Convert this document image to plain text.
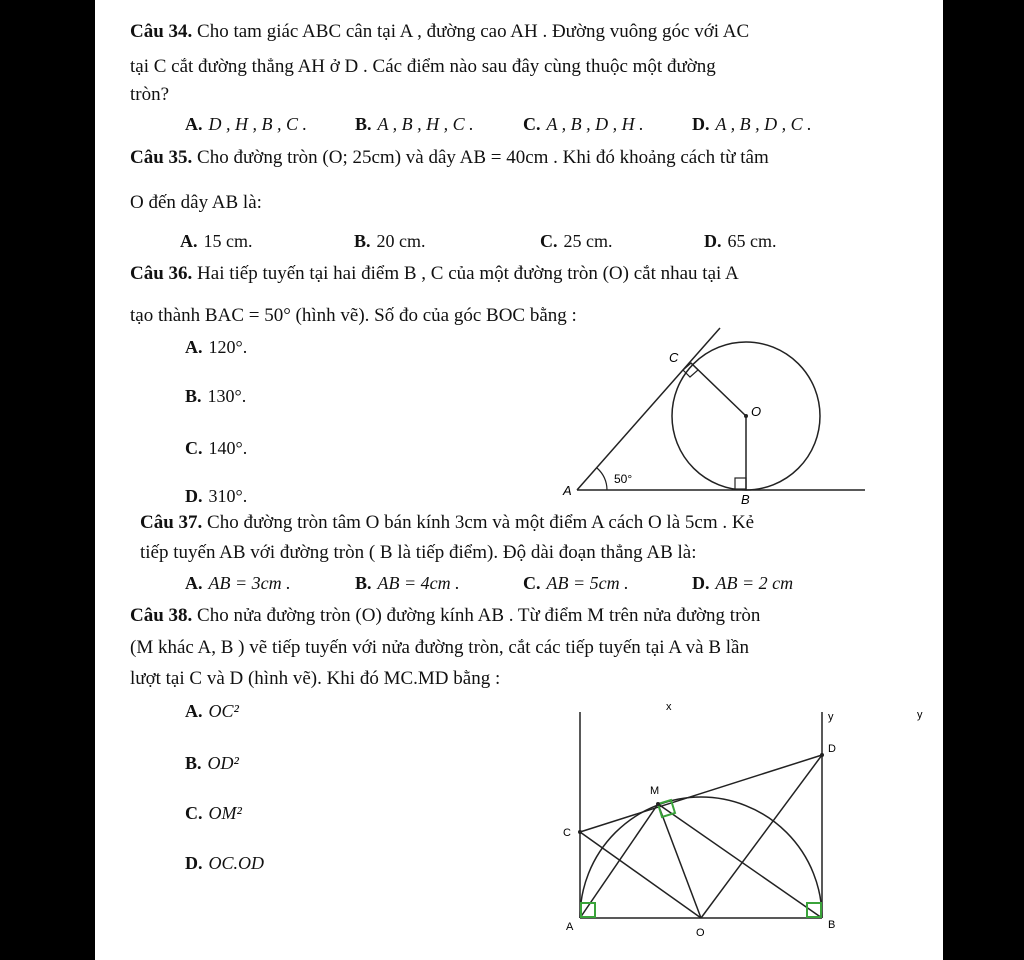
Câu 34. Cho tam giác ABC cân tại A , đường cao AH . Đường vuông góc với AC
tại C cắt đường thẳng AH ở D . Các điểm nào sau đây cùng thuộc một đường
tròn?
A. D , H , B , C .	B. A , B , H , C .	C. A , B , D , H .	D. A , B , D , C .
Câu 35. Cho đường tròn (O; 25cm) và dây AB = 40cm . Khi đó khoảng cách từ tâm
O đến dây AB là:
A. 15 cm.	B. 20 cm.	C. 25 cm.	D. 65 cm.
Câu 36. Hai tiếp tuyến tại hai điểm B , C của một đường tròn (O) cắt nhau tại A
tạo thành BAC = 50° (hình vẽ). Số đo của góc BOC bằng :
A. 120°.
B. 130°.
C. 140°.
D. 310°.
O
C
B
A
50°
Câu 37. Cho đường tròn tâm O bán kính 3cm và một điểm A cách O là 5cm . Kẻ
tiếp tuyến AB với đường tròn ( B là tiếp điểm). Độ dài đoạn thẳng AB là:
A. AB = 3cm .	B. AB = 4cm .	C. AB = 5cm .	D. AB = 2 cm
Câu 38. Cho nửa đường tròn (O) đường kính AB . Từ điểm M trên nửa đường tròn
(M khác A, B ) vẽ tiếp tuyến với nửa đường tròn, cắt các tiếp tuyến tại A và B lần
lượt tại C và D (hình vẽ). Khi đó MC.MD bằng :
A. OC²
B. OD²
C. OM²
D. OC.OD
x
y
y
D
C
M
A	B
O
